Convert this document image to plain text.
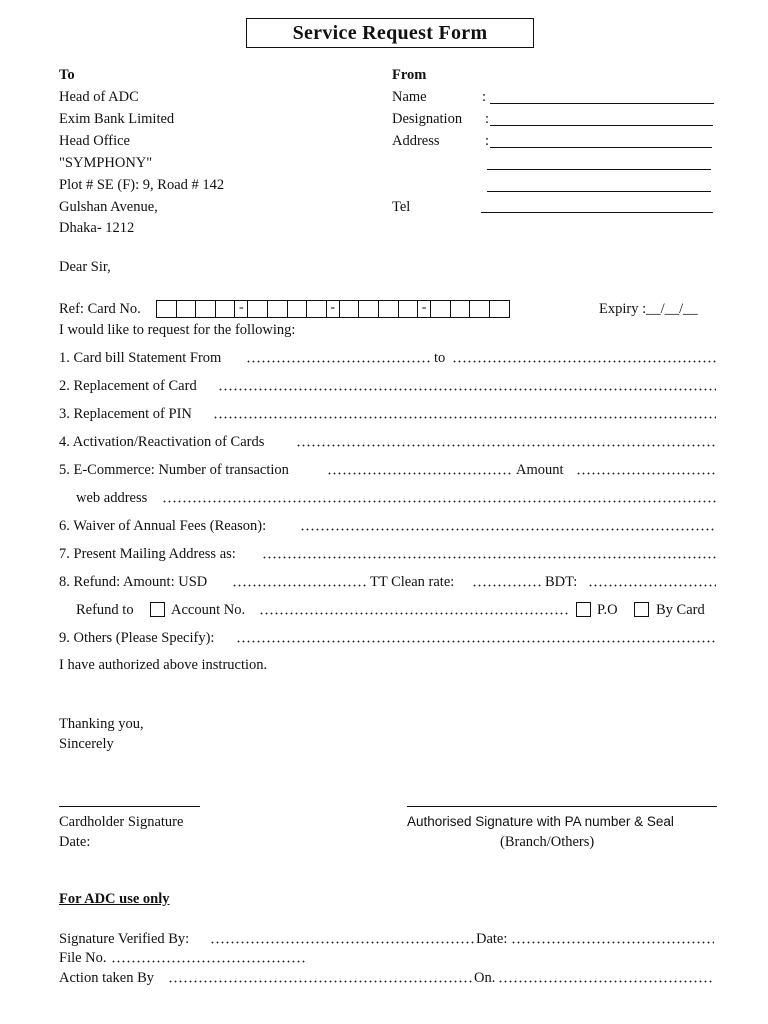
Service Request Form
To
Head of ADC
Exim Bank Limited
Head Office
"SYMPHONY"
Plot # SE (F): 9, Road # 142
Gulshan Avenue,
Dhaka- 1212
From
Name	:
Designation :
Address	:
Tel
Dear Sir,
Ref: Card No.	-	-	-	Expiry :__/__/__
I would like to request for the following:
1. Card bill Statement From	to
2. Replacement of Card
3. Replacement of PIN
4. Activation/Reactivation of Cards
5. E-Commerce: Number of transaction	Amount
web address
6. Waiver of Annual Fees (Reason):
7. Present Mailing Address as:
8. Refund: Amount: USD	TT Clean rate:	BDT:
Refund to	Account No.	P.O	By Card
9. Others (Please Specify):
I have authorized above instruction.
Thanking you,
Sincerely
Cardholder Signature
Date:
Authorised Signature with PA number & Seal
(Branch/Others)
For ADC use only
Signature Verified By:	Date:
File No.
Action taken By	On.
